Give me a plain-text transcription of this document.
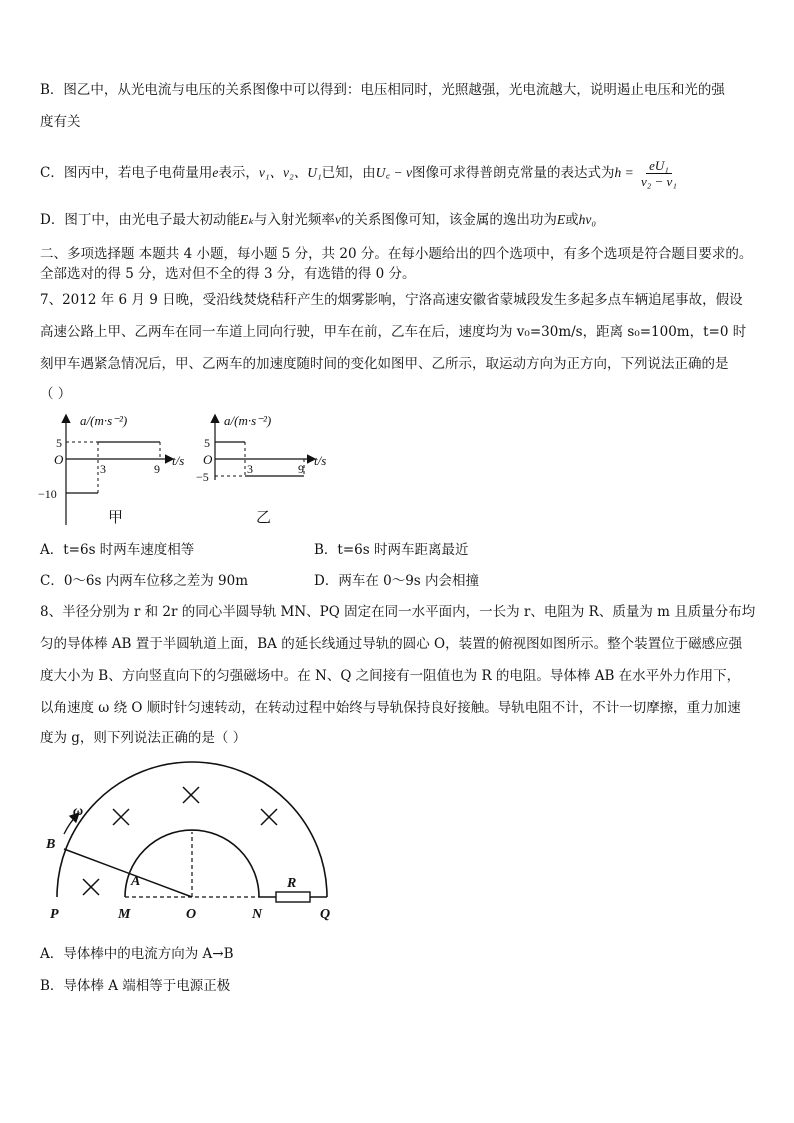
B．图乙中，从光电流与电压的关系图像中可以得到：电压相同时，光照越强，光电流越大，说明遏止电压和光的强
度有关
C．图丙中，若电子电荷量用e表示，ν₁、ν₂、U₁已知，由U꜀ − ν图像可求得普朗克常量的表达式为$h = \frac{\text{eU₁}}{\text{ν₂ − ν₁}}$
D．图丁中，由光电子最大初动能Eₖ与入射光频率ν的关系图像可知，该金属的逸出功为E或hν₀
二、多项选择题 本题共 4 小题，每小题 5 分，共 20 分。在每小题给出的四个选项中，有多个选项是符合题目要求的。
全部选对的得 5 分，选对但不全的得 3 分，有选错的得 0 分。
7、2012 年 6 月 9 日晚，受沿线焚烧秸秆产生的烟雾影响，宁洛高速安徽省蒙城段发生多起多点车辆追尾事故，假设
高速公路上甲、乙两车在同一车道上同向行驶，甲车在前，乙车在后，速度均为 v₀=30m/s，距离 s₀=100m，t=0 时
刻甲车遇紧急情况后，甲、乙两车的加速度随时间的变化如图甲、乙所示，取运动方向为正方向，下列说法正确的是
（ ）
a/(m·s⁻²)
t/s
5
O
−10
3	9
甲
a/(m·s⁻²)
t/s
5
O
−5
3	9
乙
A．t=6s 时两车速度相等	B．t=6s 时两车距离最近
C．0～6s 内两车位移之差为 90m	D．两车在 0～9s 内会相撞
8、半径分别为 r 和 2r 的同心半圆导轨 MN、PQ 固定在同一水平面内，一长为 r、电阻为 R、质量为 m 且质量分布均
匀的导体棒 AB 置于半圆轨道上面，BA 的延长线通过导轨的圆心 O，装置的俯视图如图所示。整个装置位于磁感应强
度大小为 B、方向竖直向下的匀强磁场中。在 N、Q 之间接有一阻值也为 R 的电阻。导体棒 AB 在水平外力作用下，
以角速度 ω 绕 O 顺时针匀速转动，在转动过程中始终与导轨保持良好接触。导轨电阻不计，不计一切摩擦，重力加速
度为 g，则下列说法正确的是（ ）
ω
B
A
P	M	O	N	Q
R
A．导体棒中的电流方向为 A→B
B．导体棒 A 端相等于电源正极
